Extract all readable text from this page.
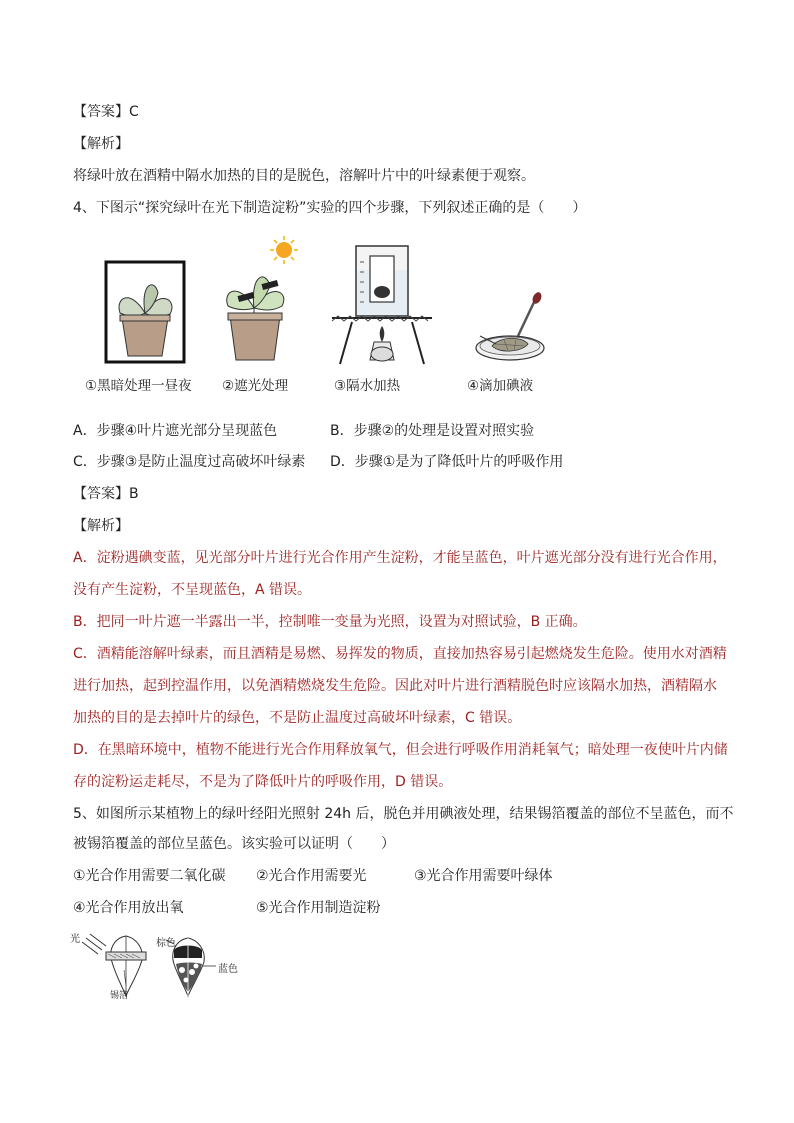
【答案】C
【解析】
将绿叶放在酒精中隔水加热的目的是脱色，溶解叶片中的叶绿素便于观察。
4、下图示“探究绿叶在光下制造淀粉”实验的四个步骤，下列叙述正确的是（　　）
①黑暗处理一昼夜 ②遮光处理	③隔水加热	④滴加碘液
A．步骤④叶片遮光部分呈现蓝色	B．步骤②的处理是设置对照实验
C．步骤③是防止温度过高破坏叶绿素 D．步骤①是为了降低叶片的呼吸作用
【答案】B
【解析】
A．淀粉遇碘变蓝，见光部分叶片进行光合作用产生淀粉，才能呈蓝色，叶片遮光部分没有进行光合作用，
没有产生淀粉，不呈现蓝色，A 错误。
B．把同一叶片遮一半露出一半，控制唯一变量为光照，设置为对照试验，B 正确。
C．酒精能溶解叶绿素，而且酒精是易燃、易挥发的物质，直接加热容易引起燃烧发生危险。使用水对酒精
进行加热，起到控温作用，以免酒精燃烧发生危险。因此对叶片进行酒精脱色时应该隔水加热，酒精隔水
加热的目的是去掉叶片的绿色，不是防止温度过高破坏叶绿素，C 错误。
D．在黑暗环境中，植物不能进行光合作用释放氧气，但会进行呼吸作用消耗氧气；暗处理一夜使叶片内储
存的淀粉运走耗尽，不是为了降低叶片的呼吸作用，D 错误。
5、如图所示某植物上的绿叶经阳光照射 24h 后，脱色并用碘液处理，结果锡箔覆盖的部位不呈蓝色，而不
被锡箔覆盖的部位呈蓝色。该实验可以证明（　　）
①光合作用需要二氧化碳 ②光合作用需要光	③光合作用需要叶绿体
④光合作用放出氧	⑤光合作用制造淀粉
光	棕色
蓝色
锡箔
